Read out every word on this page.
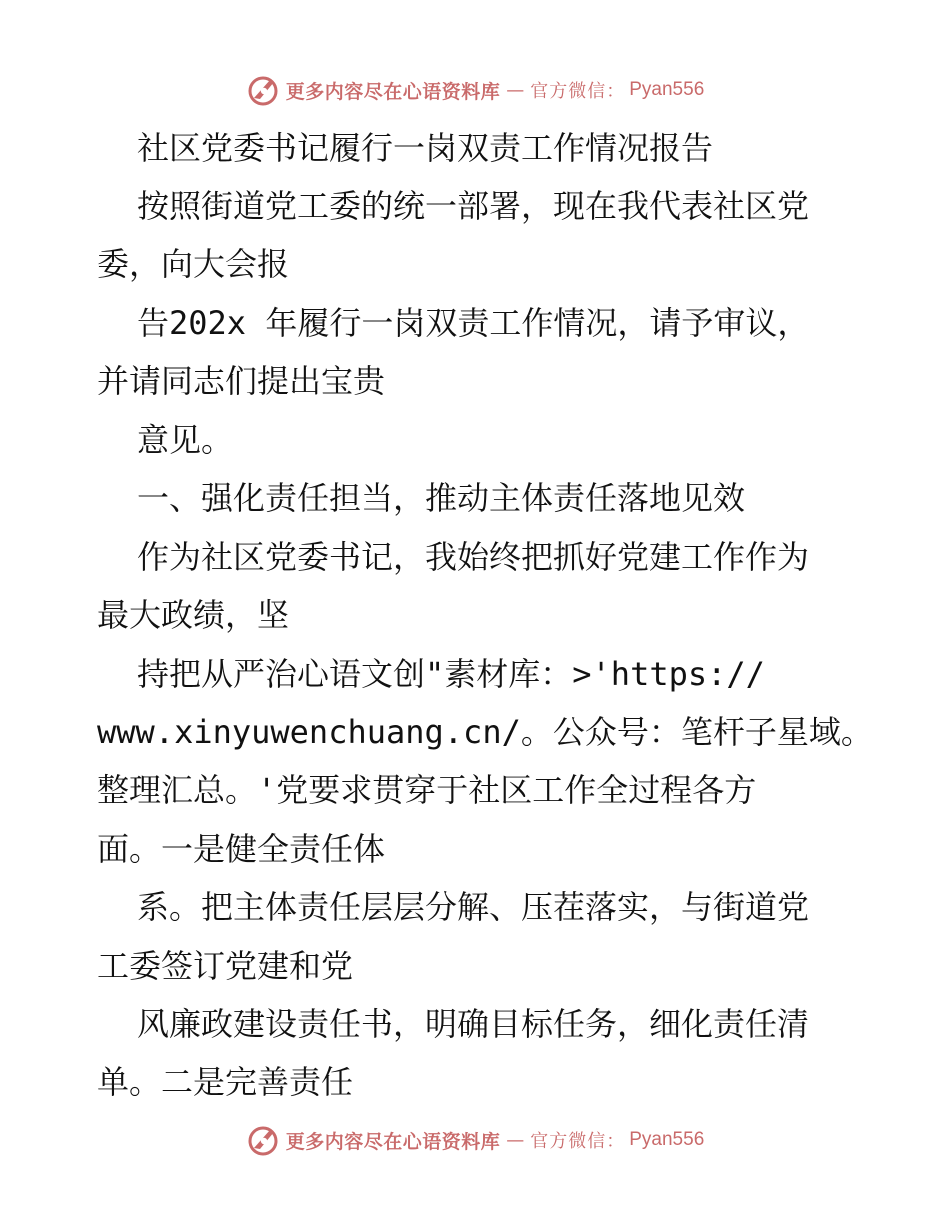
更多内容尽在心语资料库 — 官方微信： Pyan556
社区党委书记履行一岗双责工作情况报告
按照街道党工委的统一部署，现在我代表社区党
委，向大会报
告202x 年履行一岗双责工作情况，请予审议，
并请同志们提出宝贵
意见。
一、强化责任担当，推动主体责任落地见效
作为社区党委书记，我始终把抓好党建工作作为
最大政绩，坚
持把从严治心语文创"素材库：>'https://
www.xinyuwenchuang.cn/。公众号：笔杆子星域。
整理汇总。'党要求贯穿于社区工作全过程各方
面。一是健全责任体
系。把主体责任层层分解、压茬落实，与街道党
工委签订党建和党
风廉政建设责任书，明确目标任务，细化责任清
单。二是完善责任
更多内容尽在心语资料库 — 官方微信： Pyan556
